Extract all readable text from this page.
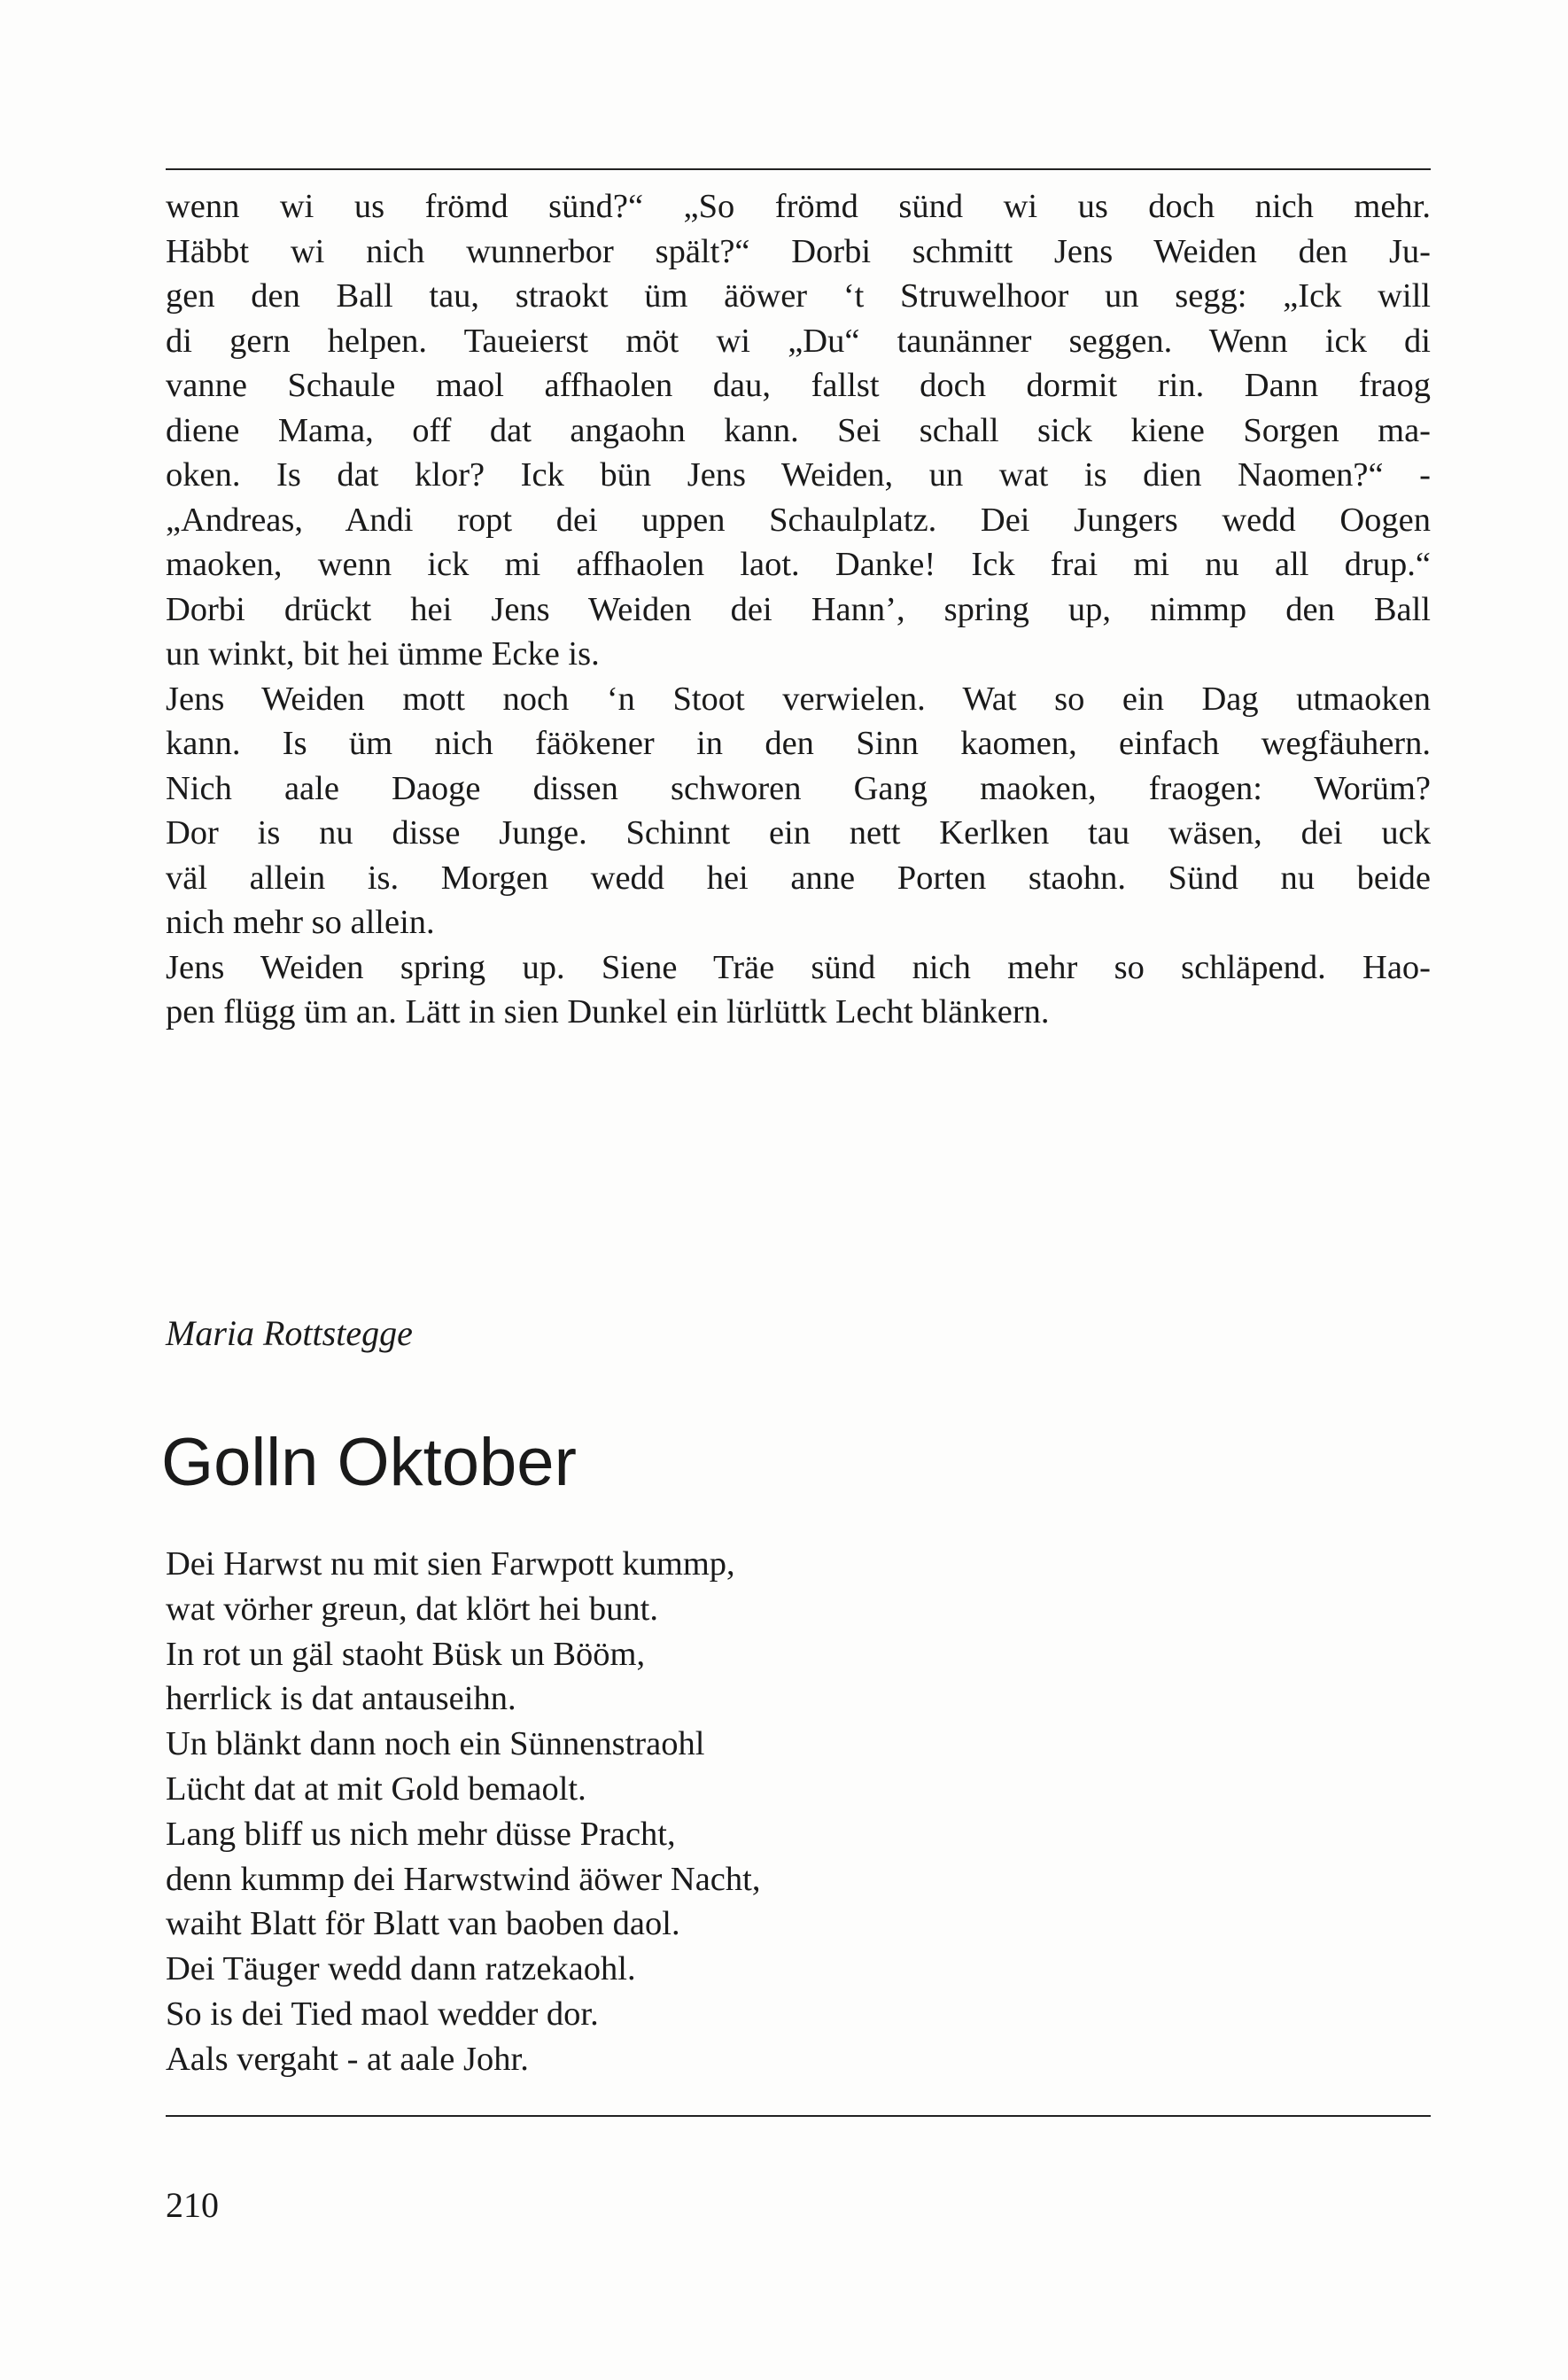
wenn wi us frömd sünd?“ „So frömd sünd wi us doch nich mehr.
Häbbt wi nich wunnerbor spält?“ Dorbi schmitt Jens Weiden den Ju-
gen den Ball tau, straokt üm äöwer ‘t Struwelhoor un segg: „Ick will
di gern helpen. Taueierst möt wi „Du“ taunänner seggen. Wenn ick di
vanne Schaule maol affhaolen dau, fallst doch dormit rin. Dann fraog
diene Mama, off dat angaohn kann. Sei schall sick kiene Sorgen ma-
oken. Is dat klor? Ick bün Jens Weiden, un wat is dien Naomen?“ -
„Andreas, Andi ropt dei uppen Schaulplatz. Dei Jungers wedd Oogen
maoken, wenn ick mi affhaolen laot. Danke! Ick frai mi nu all drup.“
Dorbi drückt hei Jens Weiden dei Hann’, spring up, nimmp den Ball
un winkt, bit hei ümme Ecke is.
Jens Weiden mott noch ‘n Stoot verwielen. Wat so ein Dag utmaoken
kann. Is üm nich fäökener in den Sinn kaomen, einfach wegfäuhern.
Nich aale Daoge dissen schworen Gang maoken, fraogen: Worüm?
Dor is nu disse Junge. Schinnt ein nett Kerlken tau wäsen, dei uck
väl allein is. Morgen wedd hei anne Porten staohn. Sünd nu beide
nich mehr so allein.
Jens Weiden spring up. Siene Träe sünd nich mehr so schläpend. Hao-
pen flügg üm an. Lätt in sien Dunkel ein lürlüttk Lecht blänkern.
Maria Rottstegge
Golln Oktober
Dei Harwst nu mit sien Farwpott kummp,
wat vörher greun, dat klört hei bunt.
In rot un gäl staoht Büsk un Bööm,
herrlick is dat antauseihn.
Un blänkt dann noch ein Sünnenstraohl
Lücht dat at mit Gold bemaolt.
Lang bliff us nich mehr düsse Pracht,
denn kummp dei Harwstwind äöwer Nacht,
waiht Blatt för Blatt van baoben daol.
Dei Täuger wedd dann ratzekaohl.
So is dei Tied maol wedder dor.
Aals vergaht - at aale Johr.
210
